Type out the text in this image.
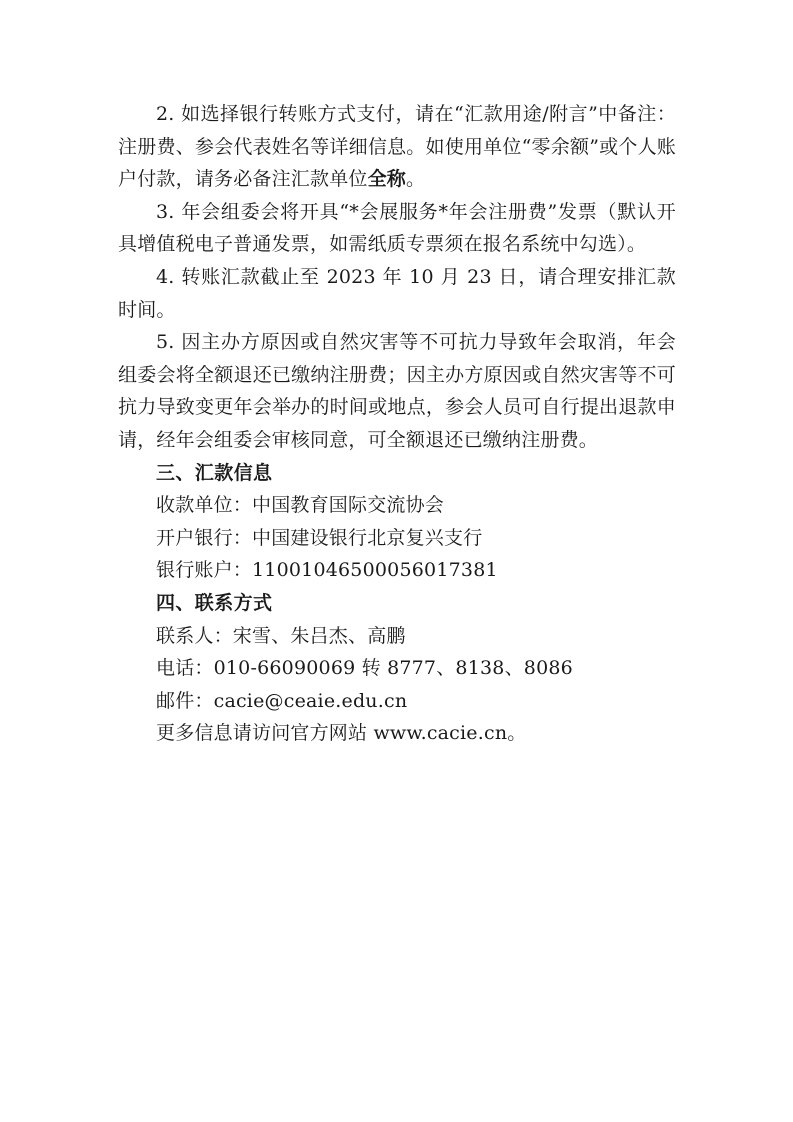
2. 如选择银行转账方式支付，请在“汇款用途/附言”中备注：注册费、参会代表姓名等详细信息。如使用单位“零余额”或个人账户付款，请务必备注汇款单位全称。

3. 年会组委会将开具“*会展服务*年会注册费”发票（默认开具增值税电子普通发票，如需纸质专票须在报名系统中勾选）。

4. 转账汇款截止至 2023 年 10 月 23 日，请合理安排汇款时间。

5. 因主办方原因或自然灾害等不可抗力导致年会取消，年会组委会将全额退还已缴纳注册费；因主办方原因或自然灾害等不可抗力导致变更年会举办的时间或地点，参会人员可自行提出退款申请，经年会组委会审核同意，可全额退还已缴纳注册费。

三、汇款信息

收款单位：中国教育国际交流协会

开户银行：中国建设银行北京复兴支行

银行账户：11001046500056017381

四、联系方式

联系人：宋雪、朱吕杰、高鹏

电话：010-66090069 转 8777、8138、8086

邮件：cacie@ceaie.edu.cn

更多信息请访问官方网站 www.cacie.cn。
